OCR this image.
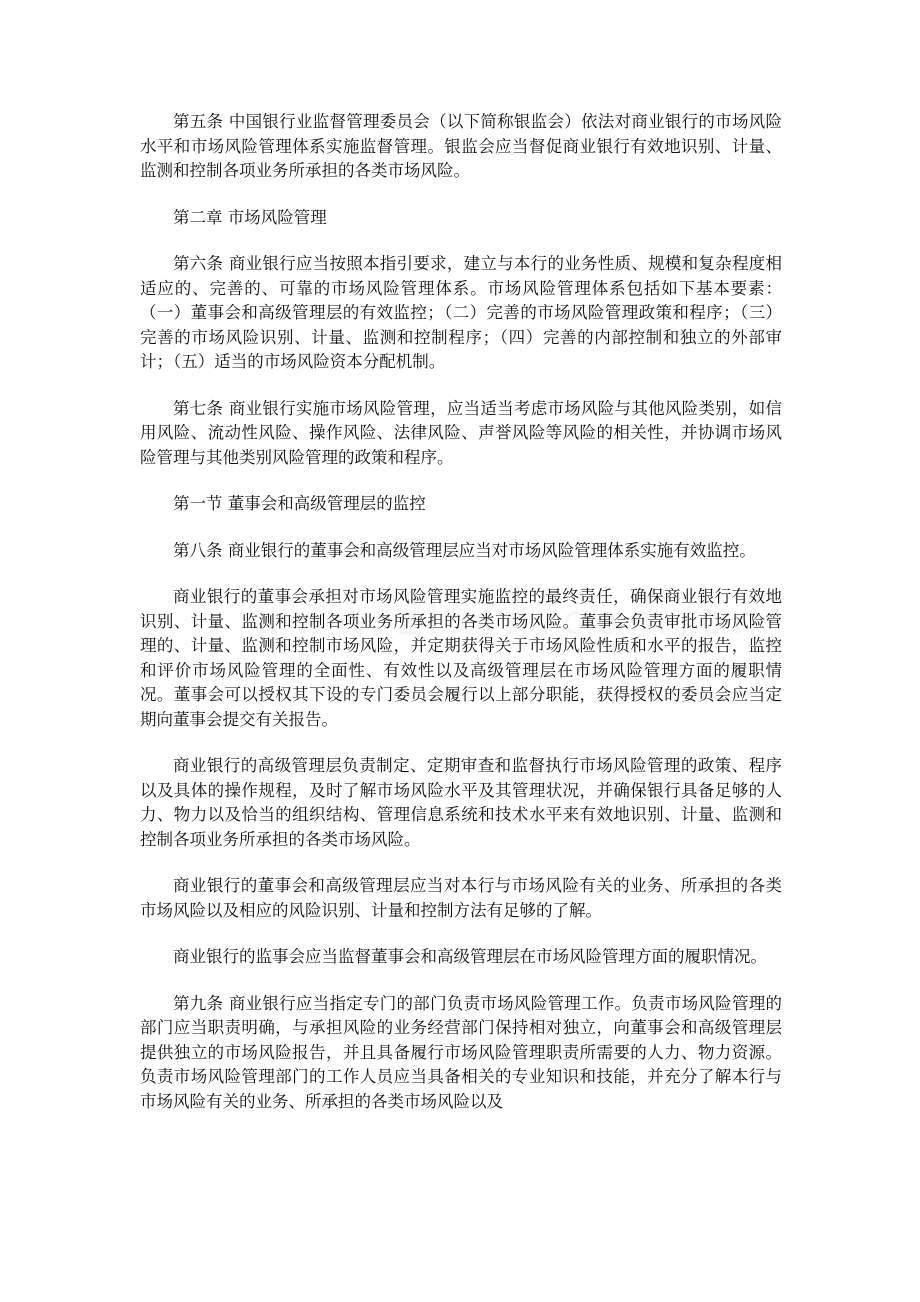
第五条 中国银行业监督管理委员会（以下简称银监会）依法对商业银行的市场风险水平和市场风险管理体系实施监督管理。银监会应当督促商业银行有效地识别、计量、监测和控制各项业务所承担的各类市场风险。

第二章 市场风险管理

第六条 商业银行应当按照本指引要求，建立与本行的业务性质、规模和复杂程度相适应的、完善的、可靠的市场风险管理体系。市场风险管理体系包括如下基本要素：（一）董事会和高级管理层的有效监控；（二）完善的市场风险管理政策和程序；（三）完善的市场风险识别、计量、监测和控制程序；（四）完善的内部控制和独立的外部审计；（五）适当的市场风险资本分配机制。

第七条 商业银行实施市场风险管理，应当适当考虑市场风险与其他风险类别，如信用风险、流动性风险、操作风险、法律风险、声誉风险等风险的相关性，并协调市场风险管理与其他类别风险管理的政策和程序。

第一节 董事会和高级管理层的监控

第八条 商业银行的董事会和高级管理层应当对市场风险管理体系实施有效监控。

商业银行的董事会承担对市场风险管理实施监控的最终责任，确保商业银行有效地识别、计量、监测和控制各项业务所承担的各类市场风险。董事会负责审批市场风险管理的、计量、监测和控制市场风险，并定期获得关于市场风险性质和水平的报告，监控和评价市场风险管理的全面性、有效性以及高级管理层在市场风险管理方面的履职情况。董事会可以授权其下设的专门委员会履行以上部分职能，获得授权的委员会应当定期向董事会提交有关报告。

商业银行的高级管理层负责制定、定期审查和监督执行市场风险管理的政策、程序以及具体的操作规程，及时了解市场风险水平及其管理状况，并确保银行具备足够的人力、物力以及恰当的组织结构、管理信息系统和技术水平来有效地识别、计量、监测和控制各项业务所承担的各类市场风险。

商业银行的董事会和高级管理层应当对本行与市场风险有关的业务、所承担的各类市场风险以及相应的风险识别、计量和控制方法有足够的了解。

商业银行的监事会应当监督董事会和高级管理层在市场风险管理方面的履职情况。

第九条 商业银行应当指定专门的部门负责市场风险管理工作。负责市场风险管理的部门应当职责明确，与承担风险的业务经营部门保持相对独立，向董事会和高级管理层提供独立的市场风险报告，并且具备履行市场风险管理职责所需要的人力、物力资源。负责市场风险管理部门的工作人员应当具备相关的专业知识和技能，并充分了解本行与市场风险有关的业务、所承担的各类市场风险以及
